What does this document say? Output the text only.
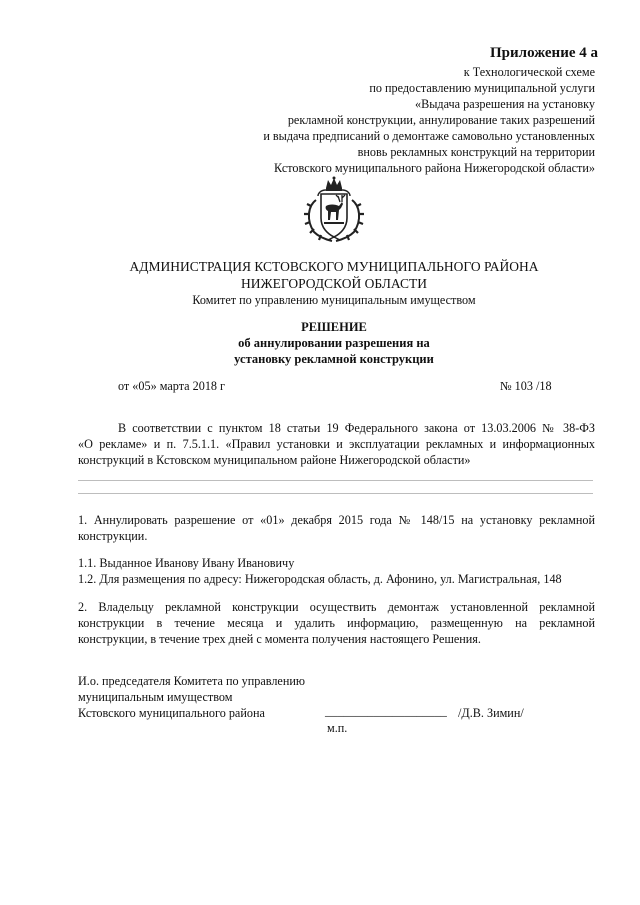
Приложение 4 а
к Технологической схеме
по предоставлению муниципальной услуги
«Выдача разрешения на установку
рекламной конструкции, аннулирование таких разрешений
и выдача предписаний о демонтаже самовольно установленных
вновь рекламных конструкций на территории
Кстовского муниципального района Нижегородской области»
АДМИНИСТРАЦИЯ КСТОВСКОГО МУНИЦИПАЛЬНОГО РАЙОНА
НИЖЕГОРОДСКОЙ ОБЛАСТИ
Комитет по управлению муниципальным имуществом
РЕШЕНИЕ
об аннулировании разрешения на
установку рекламной конструкции
от «05» марта 2018 г	№ 103 /18
В соответствии с пунктом 18 статьи 19 Федерального закона от 13.03.2006 № 38-ФЗ
«О рекламе» и п. 7.5.1.1. «Правил установки и эксплуатации рекламных и информационных
конструкций в Кстовском муниципальном районе Нижегородской области»
1. Аннулировать разрешение от «01» декабря 2015 года № 148/15 на установку рекламной
конструкции.
1.1. Выданное Иванову Ивану Ивановичу
1.2. Для размещения по адресу: Нижегородская область, д. Афонино, ул. Магистральная, 148
2. Владельцу рекламной конструкции осуществить демонтаж установленной рекламной
конструкции в течение месяца и удалить информацию, размещенную на рекламной
конструкции, в течение трех дней с момента получения настоящего Решения.
И.о. председателя Комитета по управлению
муниципальным имуществом
Кстовского муниципального района	____________________ /Д.В. Зимин/
м.п.
